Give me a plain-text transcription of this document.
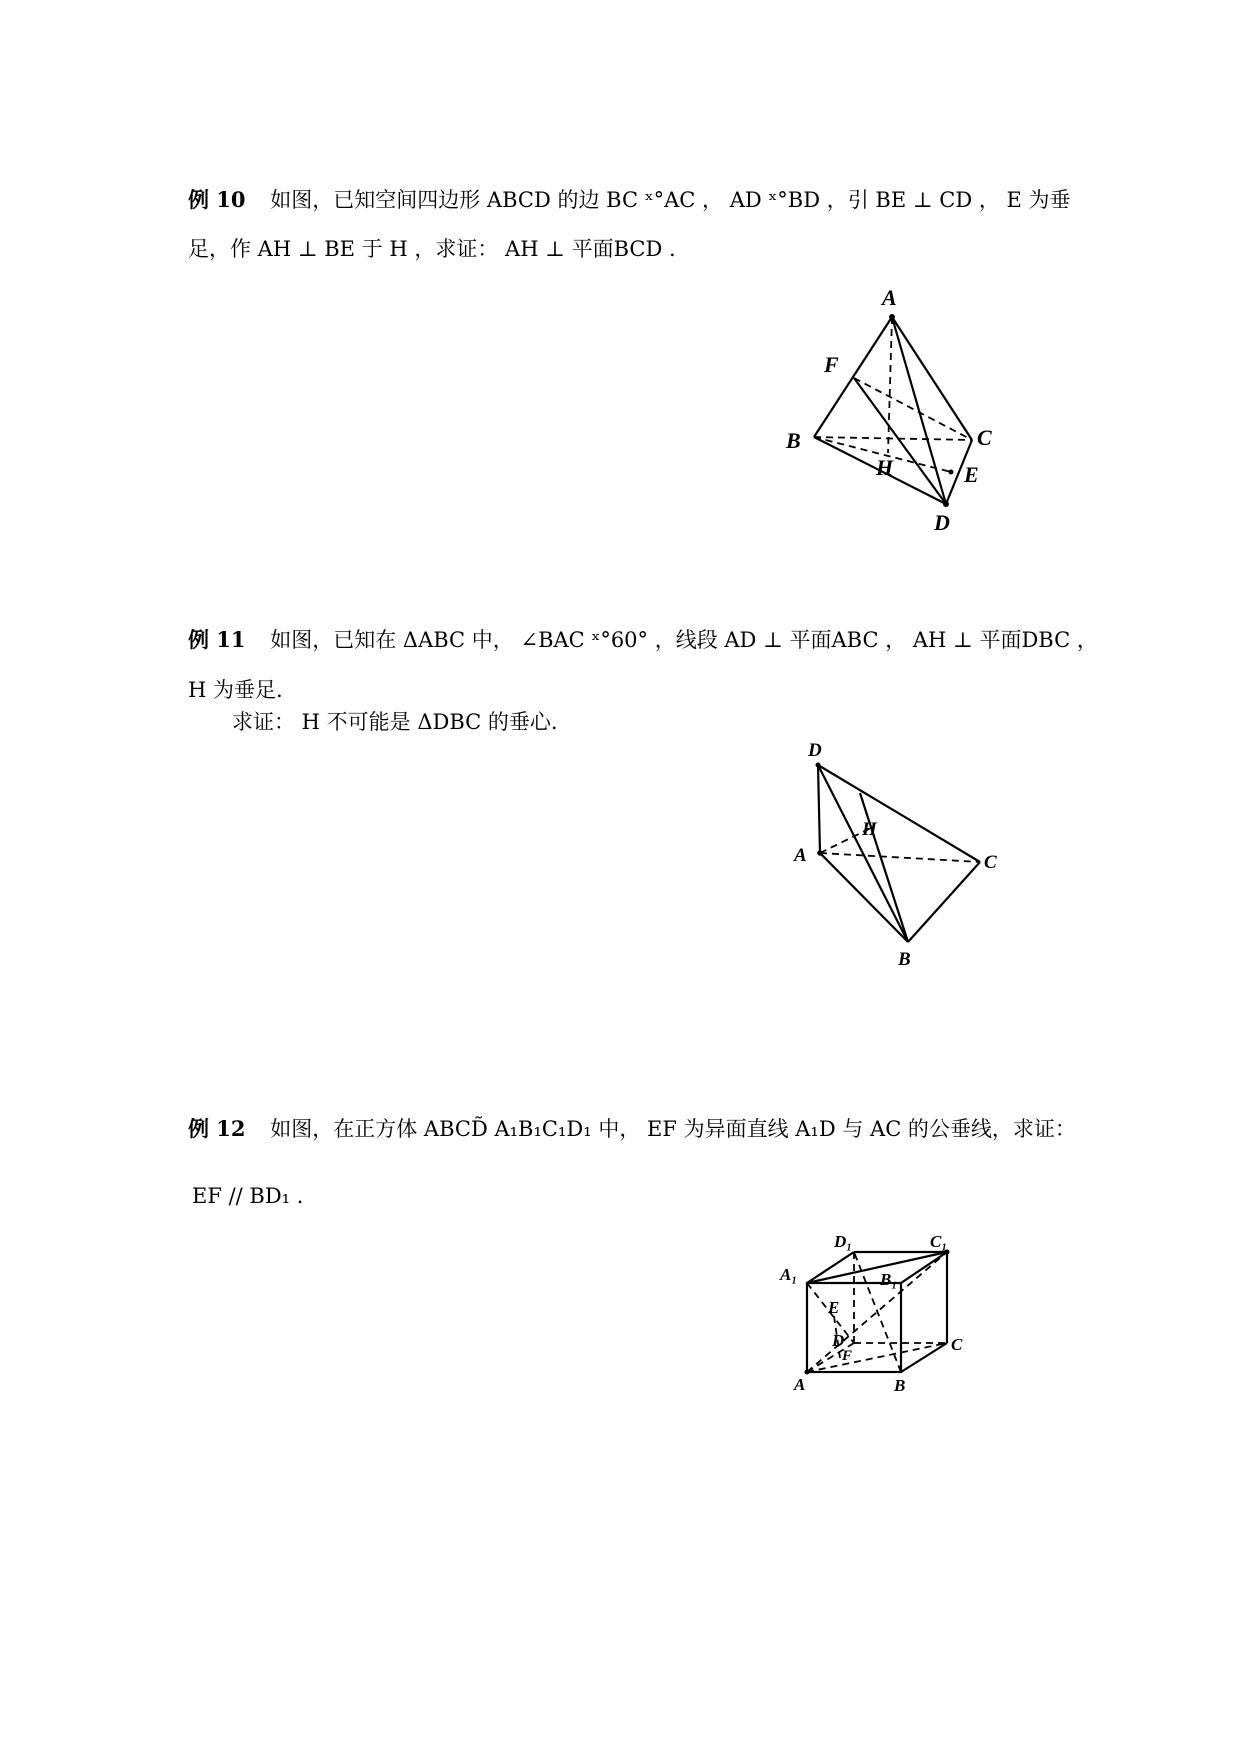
例 10 如图，已知空间四边形 ABCD 的边 BC ˣ°AC ， AD ˣ°BD ，引 BE ⊥ CD ， E 为垂
足，作 AH ⊥ BE 于 H ，求证： AH ⊥ 平面BCD .
A
F
B	C
H	E
D
例 11 如图，已知在 ΔABC 中， ∠BAC ˣ°60° ，线段 AD ⊥ 平面ABC ， AH ⊥ 平面DBC ，
H 为垂足.
求证： H 不可能是 ΔDBC 的垂心.
D
H
A	C
B
例 12 如图，在正方体 ABCD̃ A₁B₁C₁D₁ 中， EF 为异面直线 A₁D 与 AC 的公垂线，求证：
EF // BD₁ .
D₁	C₁
A₁	B₁
E
D
F
C
A	B
